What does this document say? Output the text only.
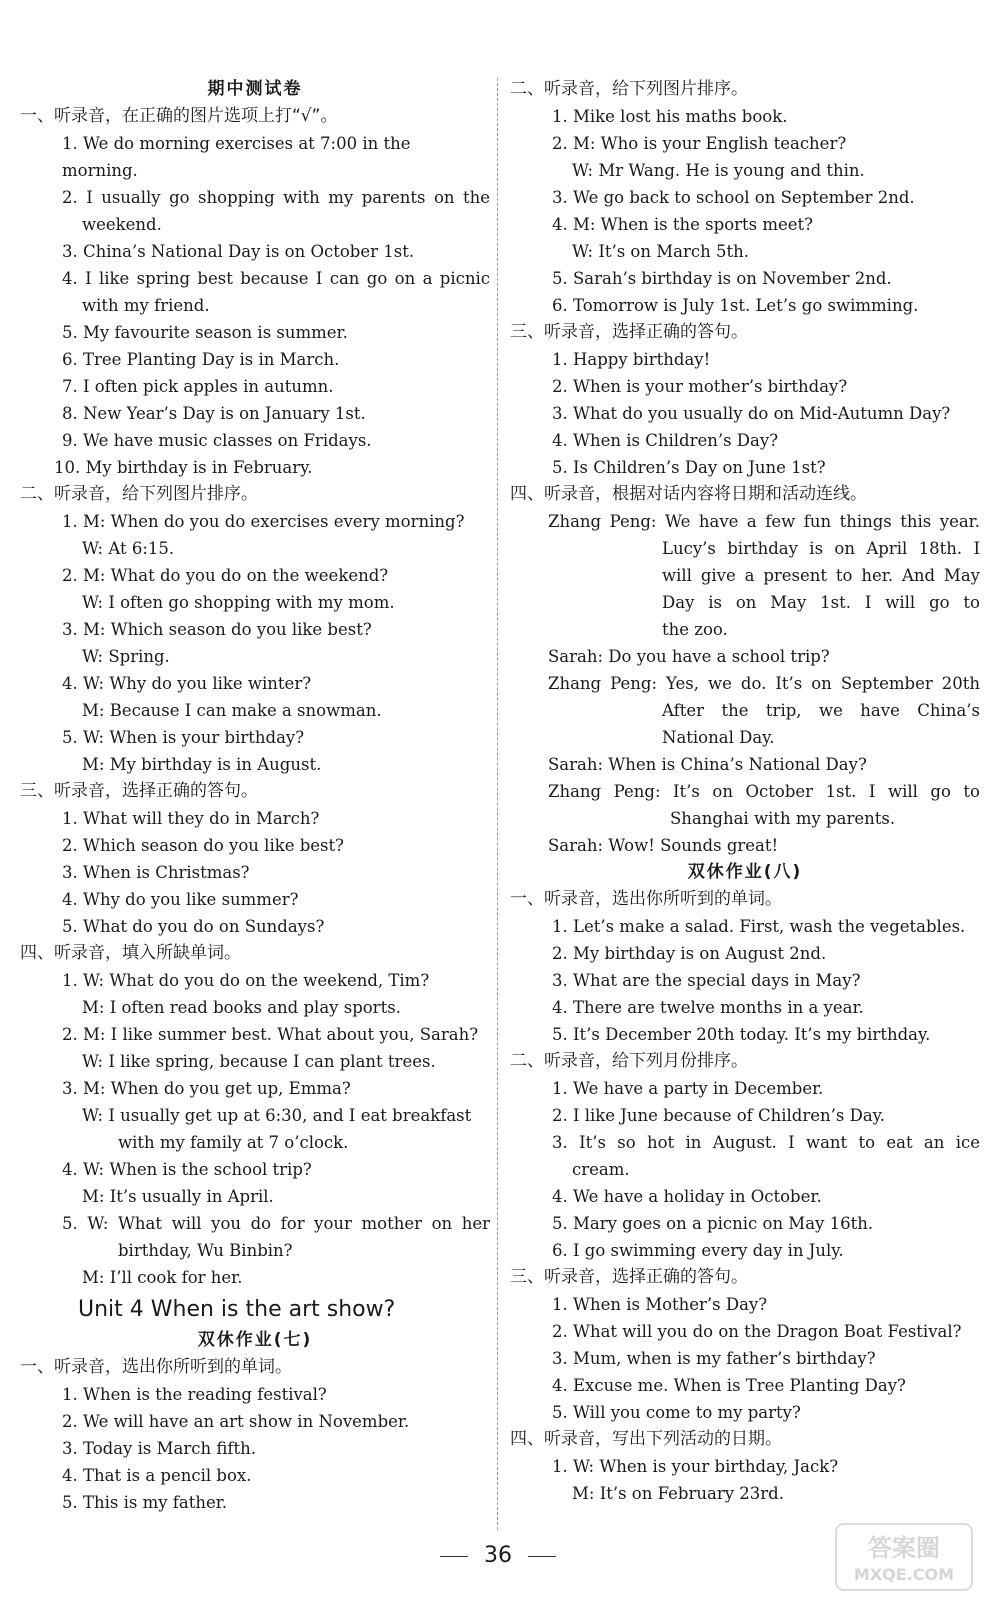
期中测试卷
一、听录音，在正确的图片选项上打“√”。
1. We do morning exercises at 7:00 in the morning.
2. I usually go shopping with my parents on the
weekend.
3. China’s National Day is on October 1st.
4. I like spring best because I can go on a picnic
with my friend.
5. My favourite season is summer.
6. Tree Planting Day is in March.
7. I often pick apples in autumn.
8. New Year’s Day is on January 1st.
9. We have music classes on Fridays.
10. My birthday is in February.
二、听录音，给下列图片排序。
1. M: When do you do exercises every morning?
W: At 6:15.
2. M: What do you do on the weekend?
W: I often go shopping with my mom.
3. M: Which season do you like best?
W: Spring.
4. W: Why do you like winter?
M: Because I can make a snowman.
5. W: When is your birthday?
M: My birthday is in August.
三、听录音，选择正确的答句。
1. What will they do in March?
2. Which season do you like best?
3. When is Christmas?
4. Why do you like summer?
5. What do you do on Sundays?
四、听录音，填入所缺单词。
1. W: What do you do on the weekend, Tim?
M: I often read books and play sports.
2. M: I like summer best. What about you, Sarah?
W: I like spring, because I can plant trees.
3. M: When do you get up, Emma?
W: I usually get up at 6:30, and I eat breakfast
with my family at 7 o’clock.
4. W: When is the school trip?
M: It’s usually in April.
5. W: What will you do for your mother on her
birthday, Wu Binbin?
M: I’ll cook for her.
Unit 4 When is the art show?
双休作业(七)
一、听录音，选出你所听到的单词。
1. When is the reading festival?
2. We will have an art show in November.
3. Today is March fifth.
4. That is a pencil box.
5. This is my father.
二、听录音，给下列图片排序。
1. Mike lost his maths book.
2. M: Who is your English teacher?
W: Mr Wang. He is young and thin.
3. We go back to school on September 2nd.
4. M: When is the sports meet?
W: It’s on March 5th.
5. Sarah’s birthday is on November 2nd.
6. Tomorrow is July 1st. Let’s go swimming.
三、听录音，选择正确的答句。
1. Happy birthday!
2. When is your mother’s birthday?
3. What do you usually do on Mid-Autumn Day?
4. When is Children’s Day?
5. Is Children’s Day on June 1st?
四、听录音，根据对话内容将日期和活动连线。
Zhang Peng: We have a few fun things this year.
Lucy’s birthday is on April 18th. I
will give a present to her. And May
Day is on May 1st. I will go to
the zoo.
Sarah: Do you have a school trip?
Zhang Peng: Yes, we do. It’s on September 20th
After the trip, we have China’s
National Day.
Sarah: When is China’s National Day?
Zhang Peng: It’s on October 1st. I will go to
Shanghai with my parents.
Sarah: Wow! Sounds great!
双休作业(八)
一、听录音，选出你所听到的单词。
1. Let’s make a salad. First, wash the vegetables.
2. My birthday is on August 2nd.
3. What are the special days in May?
4. There are twelve months in a year.
5. It’s December 20th today. It’s my birthday.
二、听录音，给下列月份排序。
1. We have a party in December.
2. I like June because of Children’s Day.
3. It’s so hot in August. I want to eat an ice
cream.
4. We have a holiday in October.
5. Mary goes on a picnic on May 16th.
6. I go swimming every day in July.
三、听录音，选择正确的答句。
1. When is Mother’s Day?
2. What will you do on the Dragon Boat Festival?
3. Mum, when is my father’s birthday?
4. Excuse me. When is Tree Planting Day?
5. Will you come to my party?
四、听录音，写出下列活动的日期。
1. W: When is your birthday, Jack?
M: It’s on February 23rd.
36	答案圈
MXQE.COM
